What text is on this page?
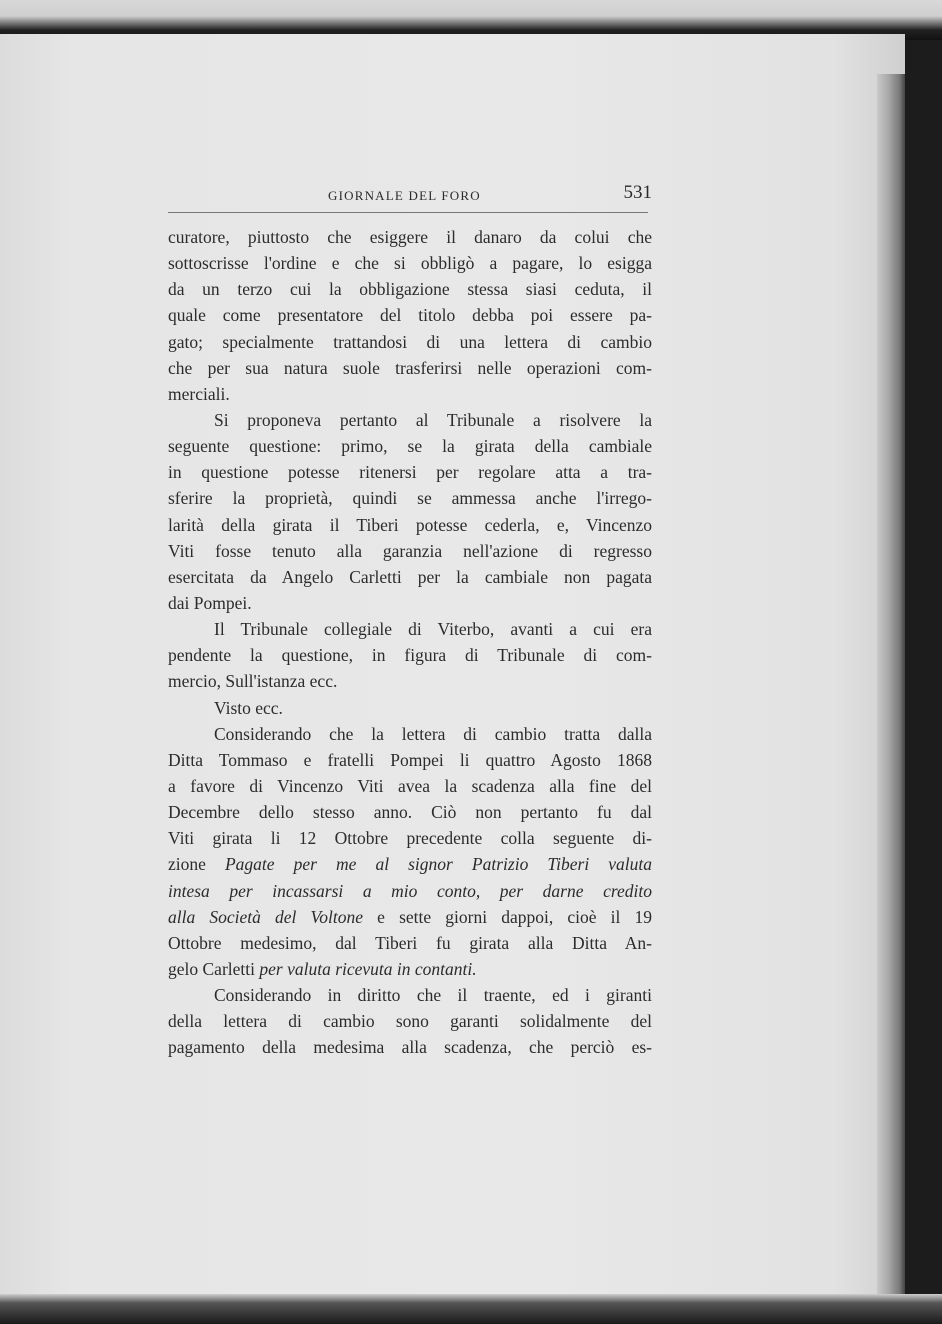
GIORNALE DEL FORO	531
curatore, piuttosto che esiggere il danaro da colui che
sottoscrisse l'ordine e che si obbligò a pagare, lo esigga
da un terzo cui la obbligazione stessa siasi ceduta, il
quale come presentatore del titolo debba poi essere pa-
gato; specialmente trattandosi di una lettera di cambio
che per sua natura suole trasferirsi nelle operazioni com-
merciali.
Si proponeva pertanto al Tribunale a risolvere la
seguente questione: primo, se la girata della cambiale
in questione potesse ritenersi per regolare atta a tra-
sferire la proprietà, quindi se ammessa anche l'irrego-
larità della girata il Tiberi potesse cederla, e, Vincenzo
Viti fosse tenuto alla garanzia nell'azione di regresso
esercitata da Angelo Carletti per la cambiale non pagata
dai Pompei.
Il Tribunale collegiale di Viterbo, avanti a cui era
pendente la questione, in figura di Tribunale di com-
mercio, Sull'istanza ecc.
Visto ecc.
Considerando che la lettera di cambio tratta dalla
Ditta Tommaso e fratelli Pompei li quattro Agosto 1868
a favore di Vincenzo Viti avea la scadenza alla fine del
Decembre dello stesso anno. Ciò non pertanto fu dal
Viti girata li 12 Ottobre precedente colla seguente di-
zione Pagate per me al signor Patrizio Tiberi valuta
intesa per incassarsi a mio conto, per darne credito
alla Società del Voltone e sette giorni dappoi, cioè il 19
Ottobre medesimo, dal Tiberi fu girata alla Ditta An-
gelo Carletti per valuta ricevuta in contanti.
Considerando in diritto che il traente, ed i giranti
della lettera di cambio sono garanti solidalmente del
pagamento della medesima alla scadenza, che perciò es-
